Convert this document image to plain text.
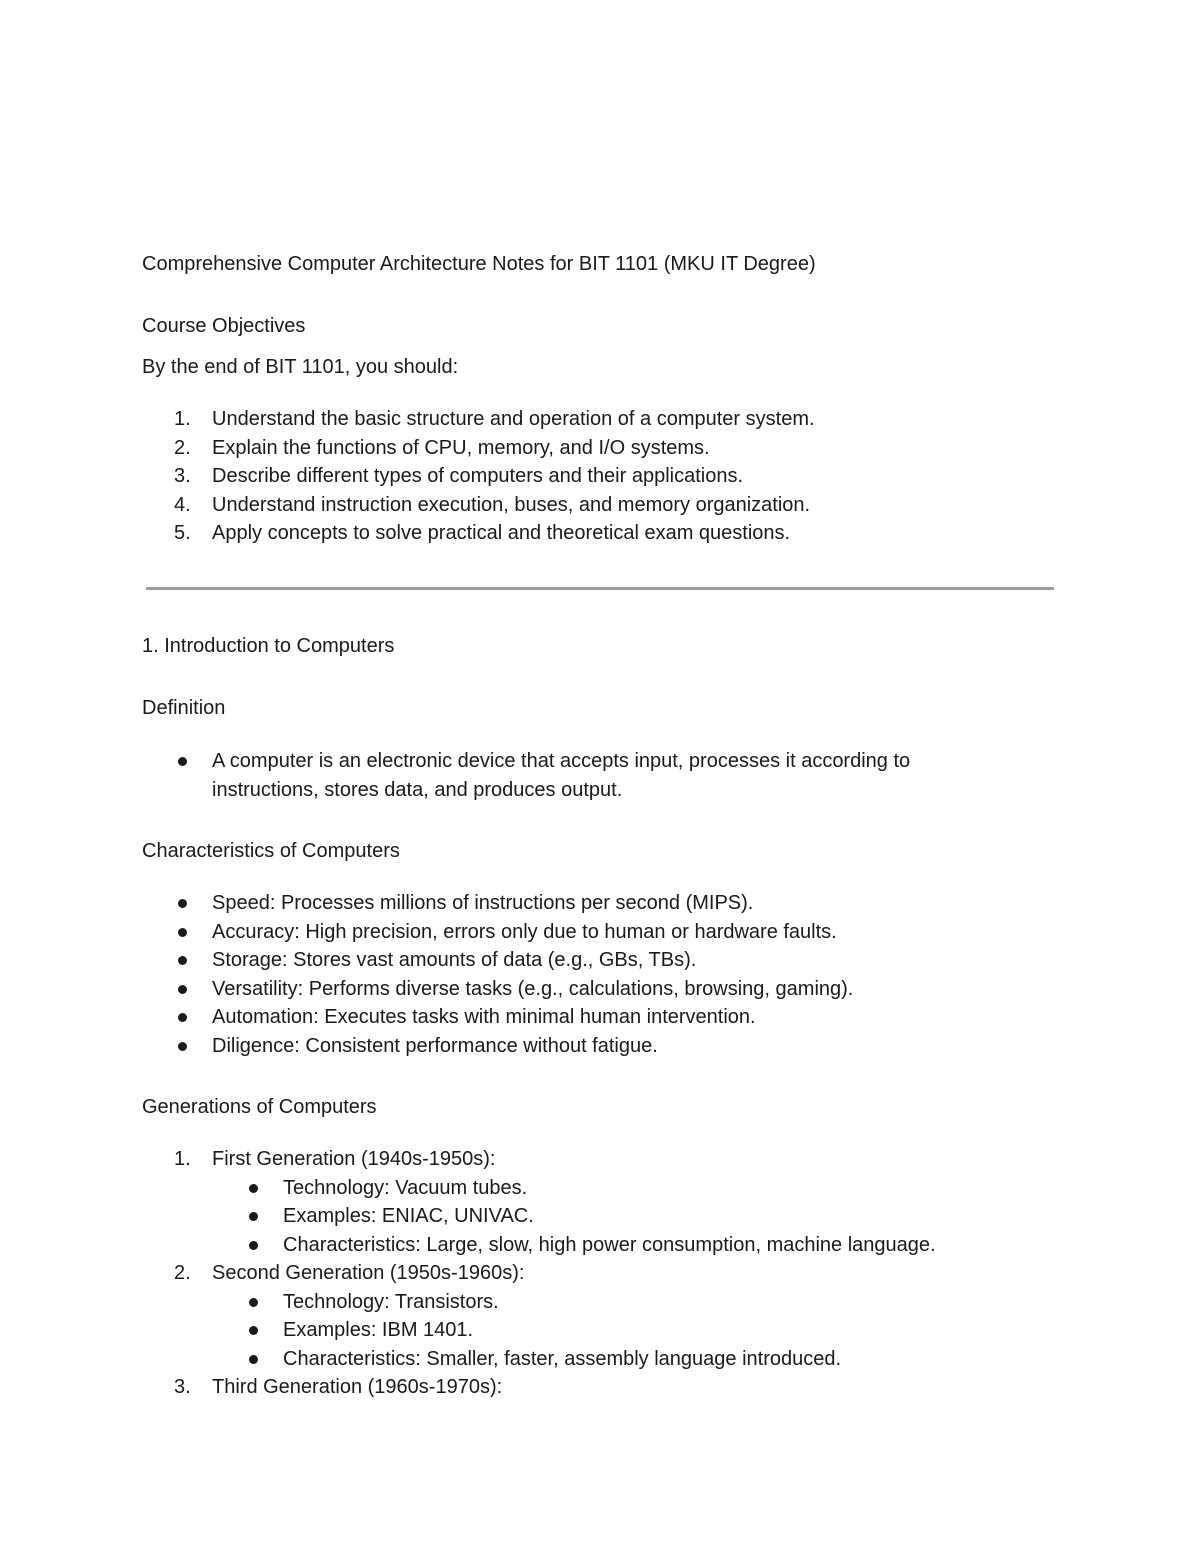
Comprehensive Computer Architecture Notes for BIT 1101 (MKU IT Degree)
Course Objectives

By the end of BIT 1101, you should:

1.	Understand the basic structure and operation of a computer system.
2.	Explain the functions of CPU, memory, and I/O systems.
3.	Describe different types of computers and their applications.
4.	Understand instruction execution, buses, and memory organization.
5.	Apply concepts to solve practical and theoretical exam questions.
1. Introduction to Computers
Definition
A computer is an electronic device that accepts input, processes it according to instructions, stores data, and produces output.
Characteristics of Computers
Speed: Processes millions of instructions per second (MIPS).
Accuracy: High precision, errors only due to human or hardware faults.
Storage: Stores vast amounts of data (e.g., GBs, TBs).
Versatility: Performs diverse tasks (e.g., calculations, browsing, gaming).
Automation: Executes tasks with minimal human intervention.
Diligence: Consistent performance without fatigue.
Generations of Computers
1.	First Generation (1940s-1950s):
Technology: Vacuum tubes.
Examples: ENIAC, UNIVAC.
Characteristics: Large, slow, high power consumption, machine language.
2.	Second Generation (1950s-1960s):
Technology: Transistors.
Examples: IBM 1401.
Characteristics: Smaller, faster, assembly language introduced.
3.	Third Generation (1960s-1970s):
